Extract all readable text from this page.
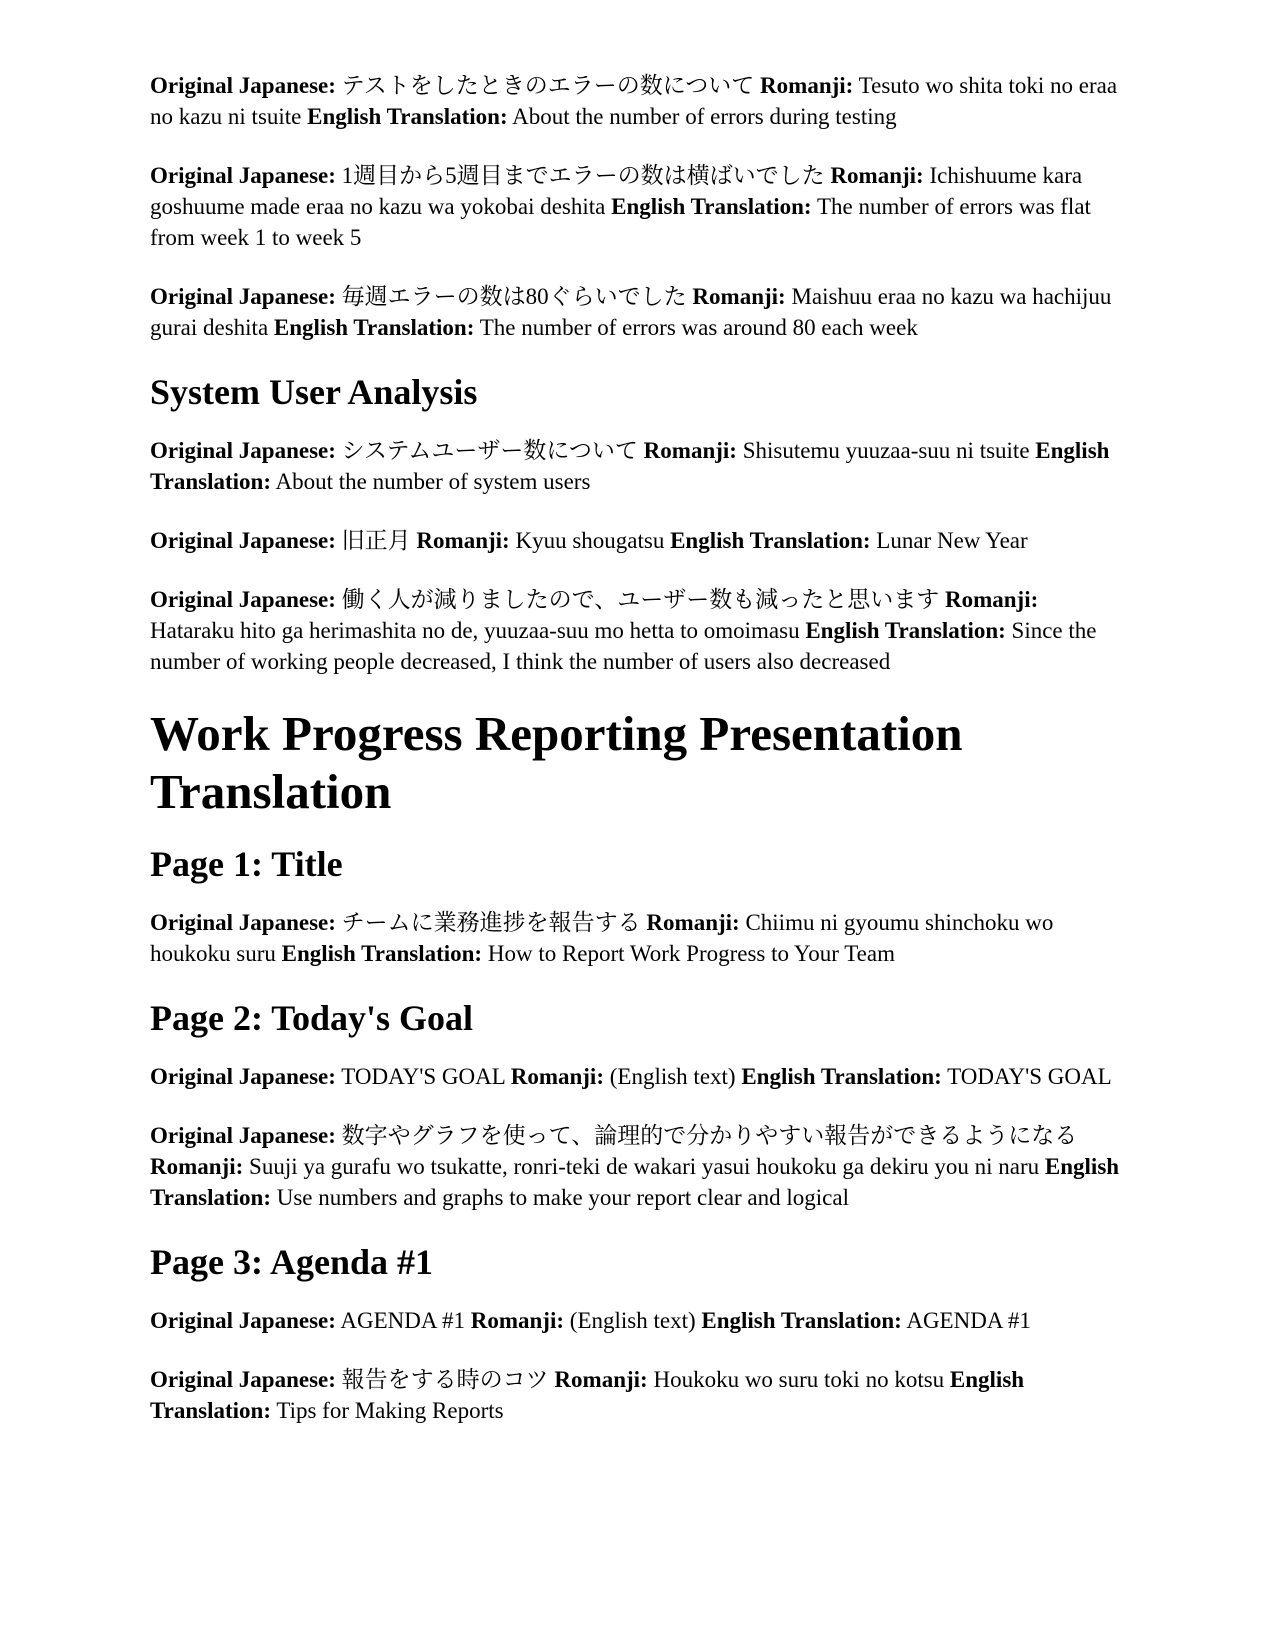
Original Japanese: テストをしたときのエラーの数について Romanji: Tesuto wo shita toki no eraa no kazu ni tsuite English Translation: About the number of errors during testing

Original Japanese: 1週目から5週目までエラーの数は横ばいでした Romanji: Ichishuume kara goshuume made eraa no kazu wa yokobai deshita English Translation: The number of errors was flat from week 1 to week 5

Original Japanese: 毎週エラーの数は80ぐらいでした Romanji: Maishuu eraa no kazu wa hachijuu gurai deshita English Translation: The number of errors was around 80 each week

System User Analysis

Original Japanese: システムユーザー数について Romanji: Shisutemu yuuzaa-suu ni tsuite English Translation: About the number of system users

Original Japanese: 旧正月 Romanji: Kyuu shougatsu English Translation: Lunar New Year

Original Japanese: 働く人が減りましたので、ユーザー数も減ったと思います Romanji: Hataraku hito ga herimashita no de, yuuzaa-suu mo hetta to omoimasu English Translation: Since the number of working people decreased, I think the number of users also decreased

Work Progress Reporting Presentation Translation
Page 1: Title

Original Japanese: チームに業務進捗を報告する Romanji: Chiimu ni gyoumu shinchoku wo houkoku suru English Translation: How to Report Work Progress to Your Team

Page 2: Today's Goal

Original Japanese: TODAY'S GOAL Romanji: (English text) English Translation: TODAY'S GOAL

Original Japanese: 数字やグラフを使って、論理的で分かりやすい報告ができるようになる Romanji: Suuji ya gurafu wo tsukatte, ronri-teki de wakari yasui houkoku ga dekiru you ni naru English Translation: Use numbers and graphs to make your report clear and logical

Page 3: Agenda #1

Original Japanese: AGENDA #1 Romanji: (English text) English Translation: AGENDA #1

Original Japanese: 報告をする時のコツ Romanji: Houkoku wo suru toki no kotsu English Translation: Tips for Making Reports
